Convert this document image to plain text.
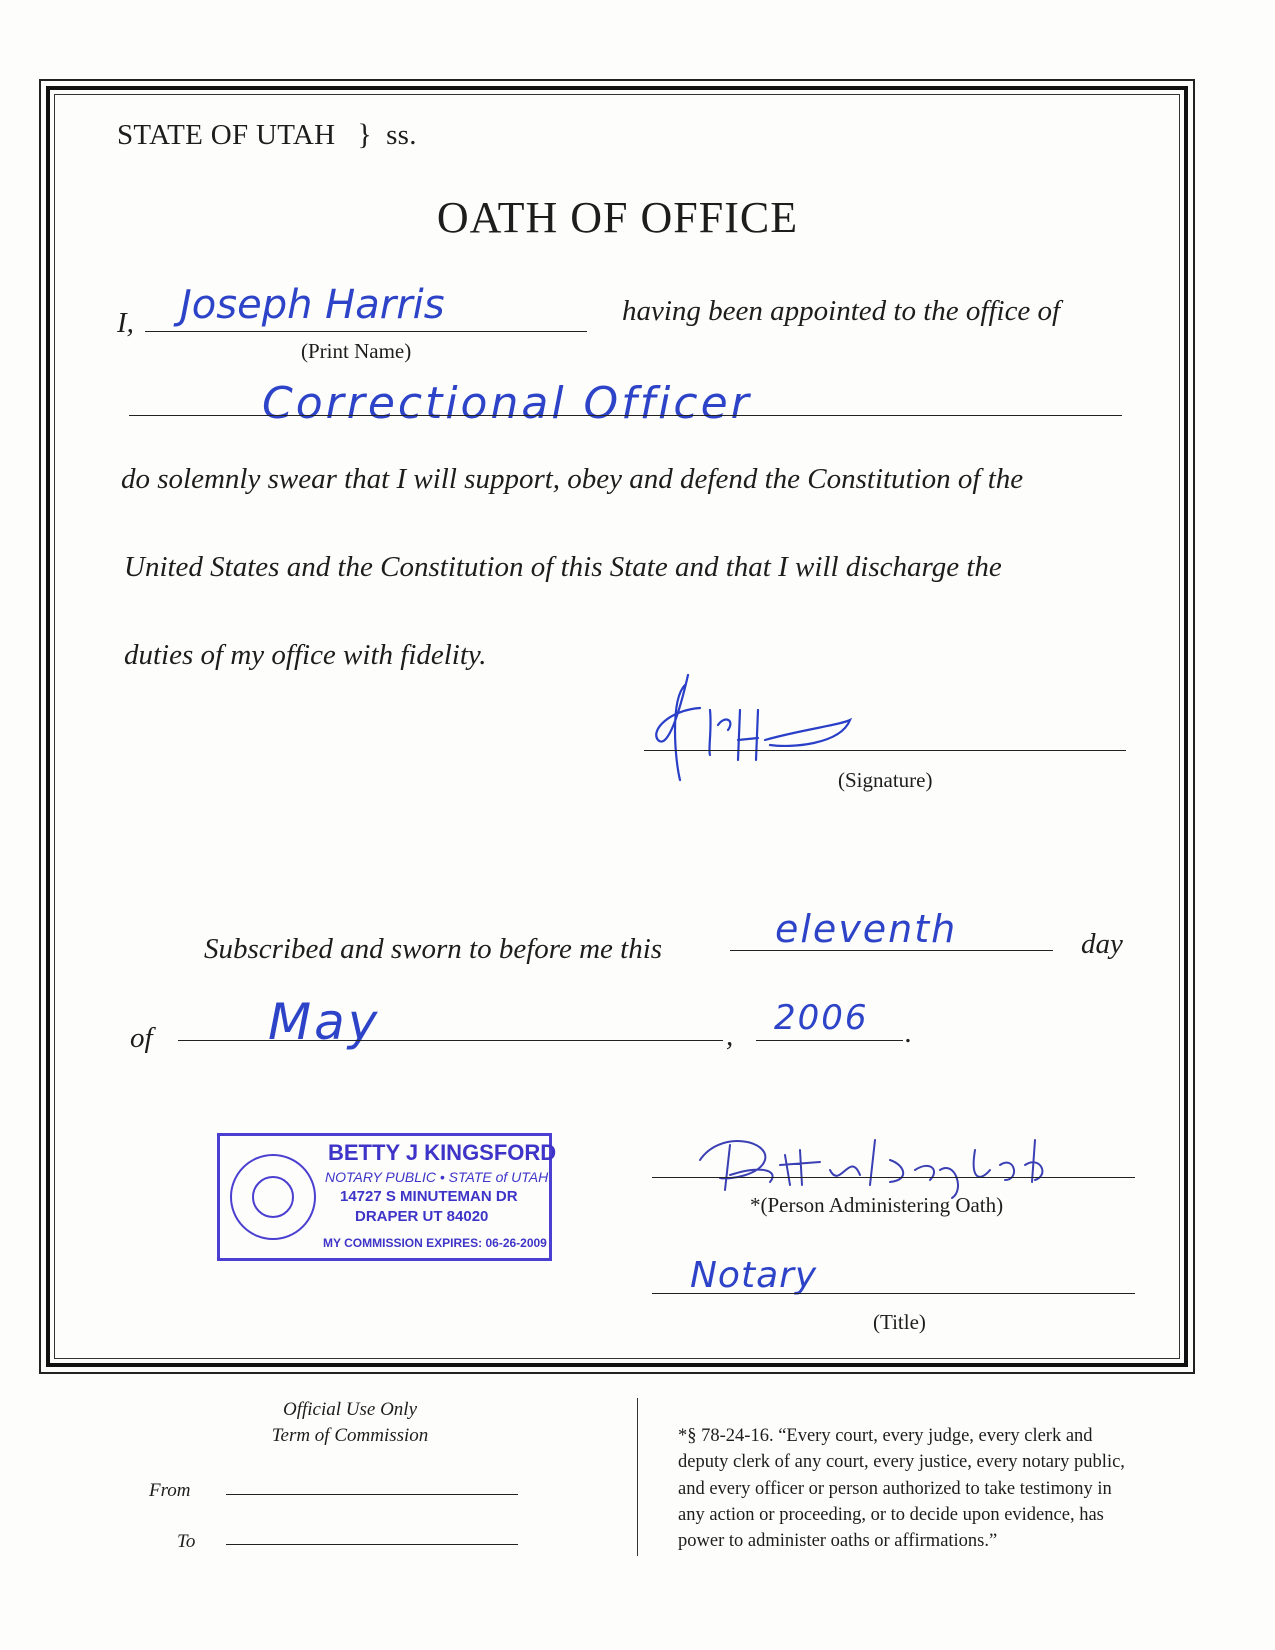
STATE OF UTAH } ss.
OATH OF OFFICE
I, Joseph Harris
(Print Name)
having been appointed to the office of
Correctional Officer
do solemnly swear that I will support, obey and defend the Constitution of the
United States and the Constitution of this State and that I will discharge the
duties of my office with fidelity.
(Signature)
Subscribed and sworn to before me this	eleventh	day
of May	, 2006 .
BETTY J KINGSFORD
NOTARY PUBLIC • STATE of UTAH
14727 S MINUTEMAN DR
DRAPER UT 84020
MY COMMISSION EXPIRES: 06-26-2009
*(Person Administering Oath)
Notary
(Title)
Official Use Only
Term of Commission
From
To
*§ 78-24-16. “Every court, every judge, every clerk and
deputy clerk of any court, every justice, every notary public,
and every officer or person authorized to take testimony in
any action or proceeding, or to decide upon evidence, has
power to administer oaths or affirmations.”
